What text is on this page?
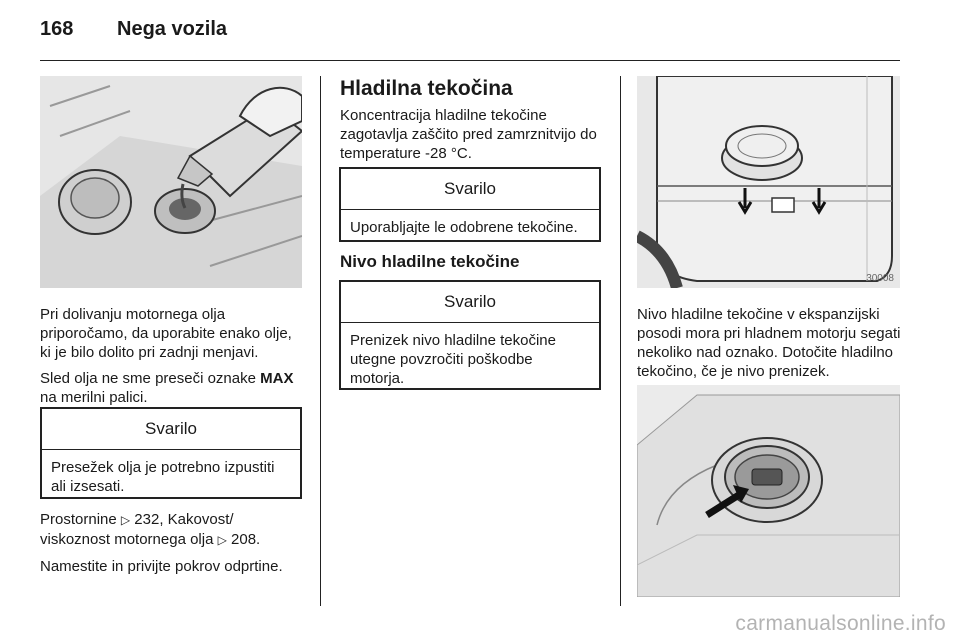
168 Nega vozila

Pri dolivanju motornega olja priporočamo, da uporabite enako olje, ki je bilo dolito pri zadnji menjavi.

Sled olja ne sme preseči oznake MAX na merilni palici.

Svarilo
Presežek olja je potrebno izpustiti ali izsesati.

Prostornine ▷ 232, Kakovost/ viskoznost motornega olja ▷ 208.

Namestite in privijte pokrov odprtine.

Hladilna tekočina

Koncentracija hladilne tekočine zagotavlja zaščito pred zamrznitvijo do temperature -28 °C.

Svarilo
Uporabljajte le odobrene tekočine.
Nivo hladilne tekočine
Svarilo
Prenizek nivo hladilne tekočine utegne povzročiti poškodbe motorja.
30008

Nivo hladilne tekočine v ekspanzijski posodi mora pri hladnem motorju segati nekoliko nad oznako. Dotočite hladilno tekočino, če je nivo prenizek.

carmanualsonline.info
